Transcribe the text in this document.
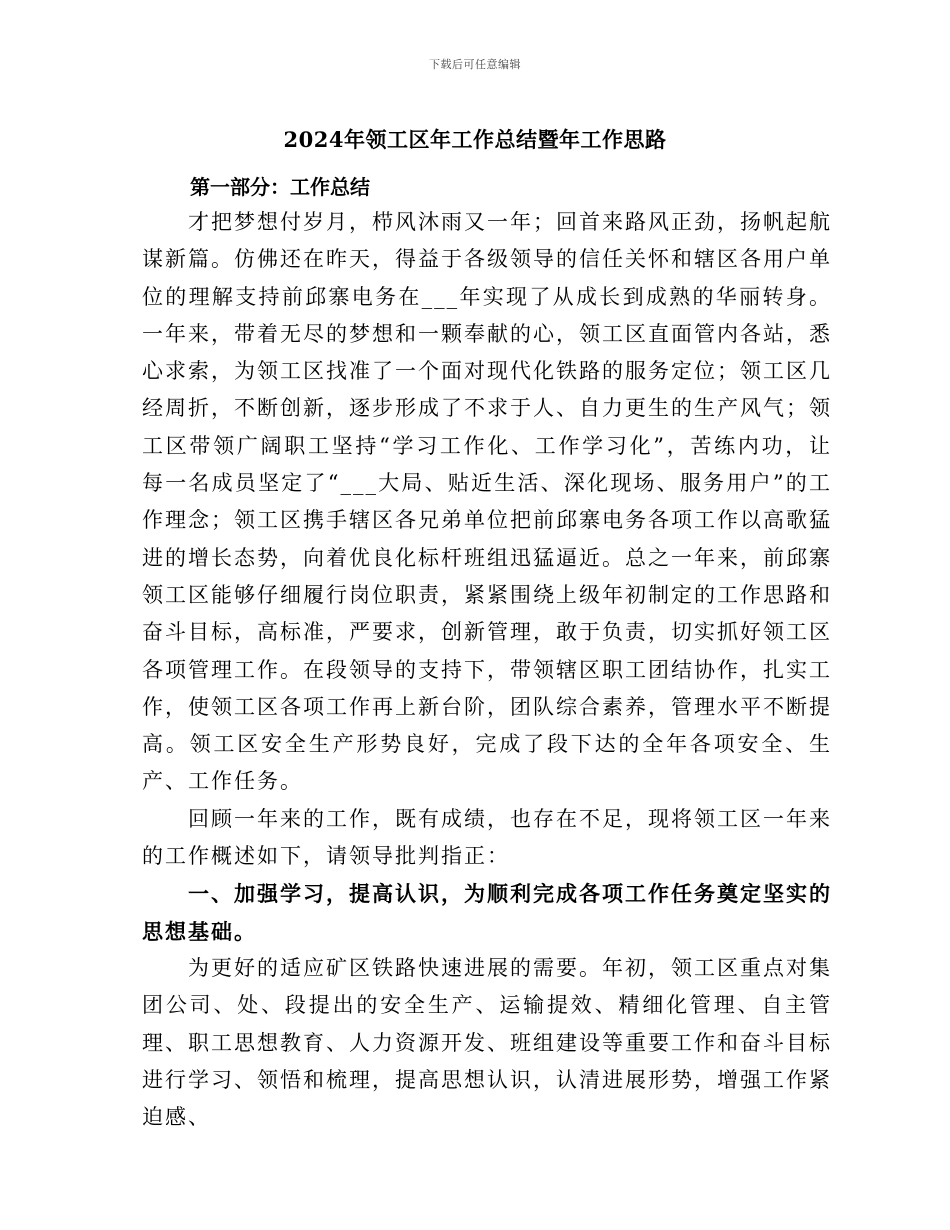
下载后可任意编辑
2024年领工区年工作总结暨年工作思路

第一部分：工作总结

才把梦想付岁月，栉风沐雨又一年；回首来路风正劲，扬帆起航谋新篇。仿佛还在昨天，得益于各级领导的信任关怀和辖区各用户单位的理解支持前邱寨电务在___年实现了从成长到成熟的华丽转身。一年来，带着无尽的梦想和一颗奉献的心，领工区直面管内各站，悉心求索，为领工区找准了一个面对现代化铁路的服务定位；领工区几经周折，不断创新，逐步形成了不求于人、自力更生的生产风气；领工区带领广阔职工坚持“学习工作化、工作学习化”，苦练内功，让每一名成员坚定了“___大局、贴近生活、深化现场、服务用户”的工作理念；领工区携手辖区各兄弟单位把前邱寨电务各项工作以高歌猛进的增长态势，向着优良化标杆班组迅猛逼近。总之一年来，前邱寨领工区能够仔细履行岗位职责，紧紧围绕上级年初制定的工作思路和奋斗目标，高标准，严要求，创新管理，敢于负责，切实抓好领工区各项管理工作。在段领导的支持下，带领辖区职工团结协作，扎实工作，使领工区各项工作再上新台阶，团队综合素养，管理水平不断提高。领工区安全生产形势良好，完成了段下达的全年各项安全、生产、工作任务。

回顾一年来的工作，既有成绩，也存在不足，现将领工区一年来的工作概述如下，请领导批判指正：

一、加强学习，提高认识，为顺利完成各项工作任务奠定坚实的思想基础。

为更好的适应矿区铁路快速进展的需要。年初，领工区重点对集团公司、处、段提出的安全生产、运输提效、精细化管理、自主管理、职工思想教育、人力资源开发、班组建设等重要工作和奋斗目标进行学习、领悟和梳理，提高思想认识，认清进展形势，增强工作紧迫感、
